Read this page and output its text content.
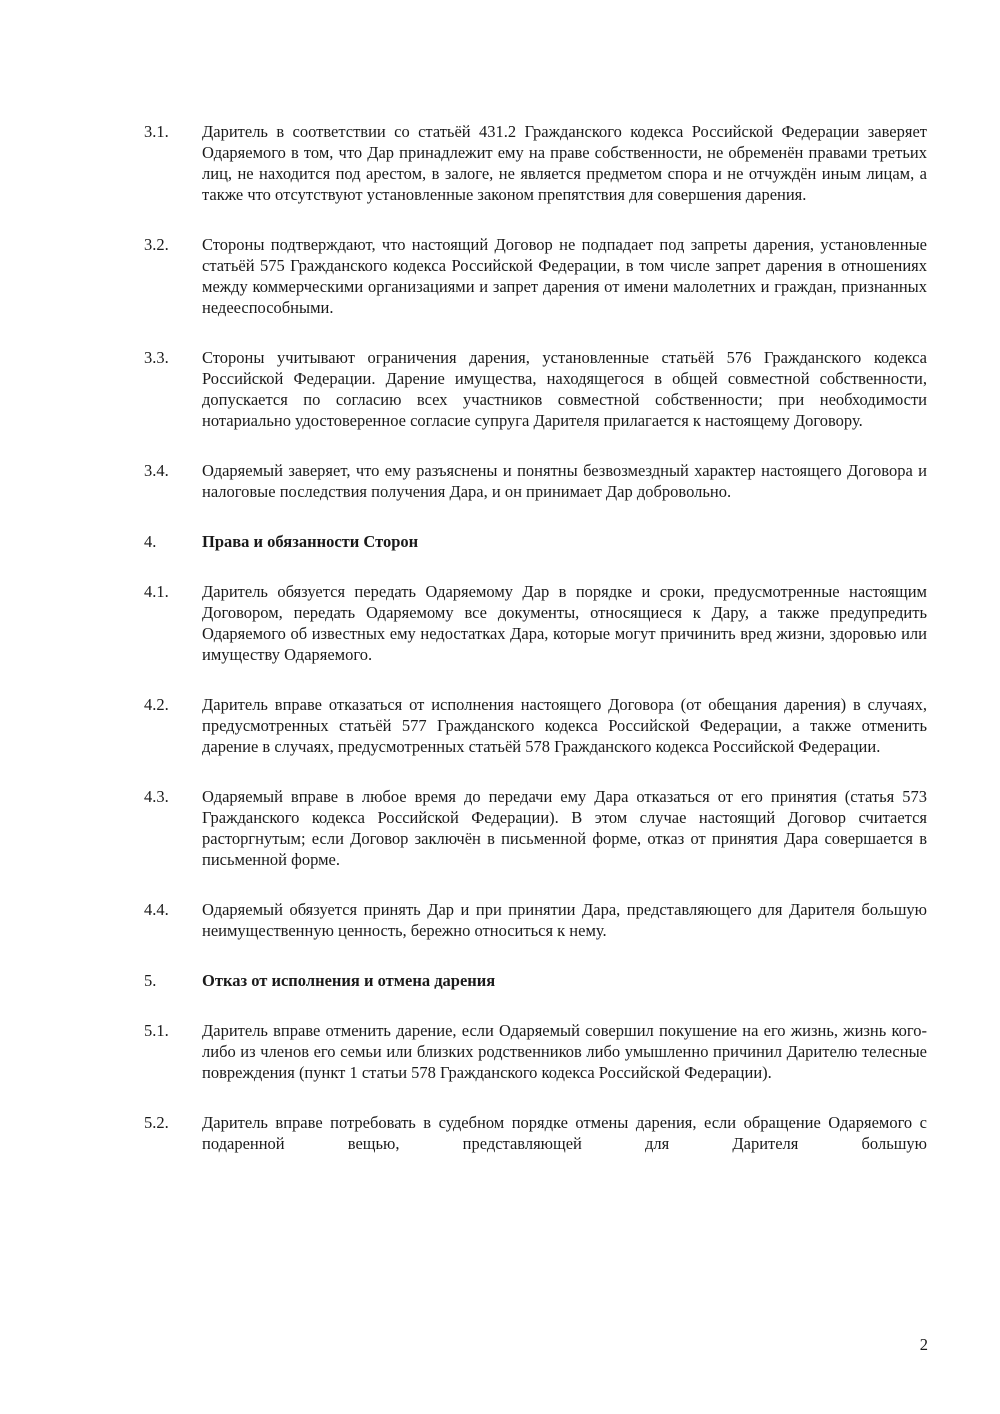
3.1.	Даритель в соответствии со статьёй 431.2 Гражданского кодекса Российской Федерации заверяет Одаряемого в том, что Дар принадлежит ему на праве собственности, не обременён правами третьих лиц, не находится под арестом, в залоге, не является предметом спора и не отчуждён иным лицам, а также что отсутствуют установленные законом препятствия для совершения дарения.
3.2.	Стороны подтверждают, что настоящий Договор не подпадает под запреты дарения, установленные статьёй 575 Гражданского кодекса Российской Федерации, в том числе запрет дарения в отношениях между коммерческими организациями и запрет дарения от имени малолетних и граждан, признанных недееспособными.
3.3.	Стороны учитывают ограничения дарения, установленные статьёй 576 Гражданского кодекса Российской Федерации. Дарение имущества, находящегося в общей совместной собственности, допускается по согласию всех участников совместной собственности; при необходимости нотариально удостоверенное согласие супруга Дарителя прилагается к настоящему Договору.
3.4.	Одаряемый заверяет, что ему разъяснены и понятны безвозмездный характер настоящего Договора и налоговые последствия получения Дара, и он принимает Дар добровольно.
4.	Права и обязанности Сторон
4.1.	Даритель обязуется передать Одаряемому Дар в порядке и сроки, предусмотренные настоящим Договором, передать Одаряемому все документы, относящиеся к Дару, а также предупредить Одаряемого об известных ему недостатках Дара, которые могут причинить вред жизни, здоровью или имуществу Одаряемого.
4.2.	Даритель вправе отказаться от исполнения настоящего Договора (от обещания дарения) в случаях, предусмотренных статьёй 577 Гражданского кодекса Российской Федерации, а также отменить дарение в случаях, предусмотренных статьёй 578 Гражданского кодекса Российской Федерации.
4.3.	Одаряемый вправе в любое время до передачи ему Дара отказаться от его принятия (статья 573 Гражданского кодекса Российской Федерации). В этом случае настоящий Договор считается расторгнутым; если Договор заключён в письменной форме, отказ от принятия Дара совершается в письменной форме.
4.4.	Одаряемый обязуется принять Дар и при принятии Дара, представляющего для Дарителя большую неимущественную ценность, бережно относиться к нему.
5.	Отказ от исполнения и отмена дарения
5.1.	Даритель вправе отменить дарение, если Одаряемый совершил покушение на его жизнь, жизнь кого-либо из членов его семьи или близких родственников либо умышленно причинил Дарителю телесные повреждения (пункт 1 статьи 578 Гражданского кодекса Российской Федерации).
5.2.	Даритель вправе потребовать в судебном порядке отмены дарения, если обращение Одаряемого с подаренной вещью, представляющей для Дарителя большую
2
